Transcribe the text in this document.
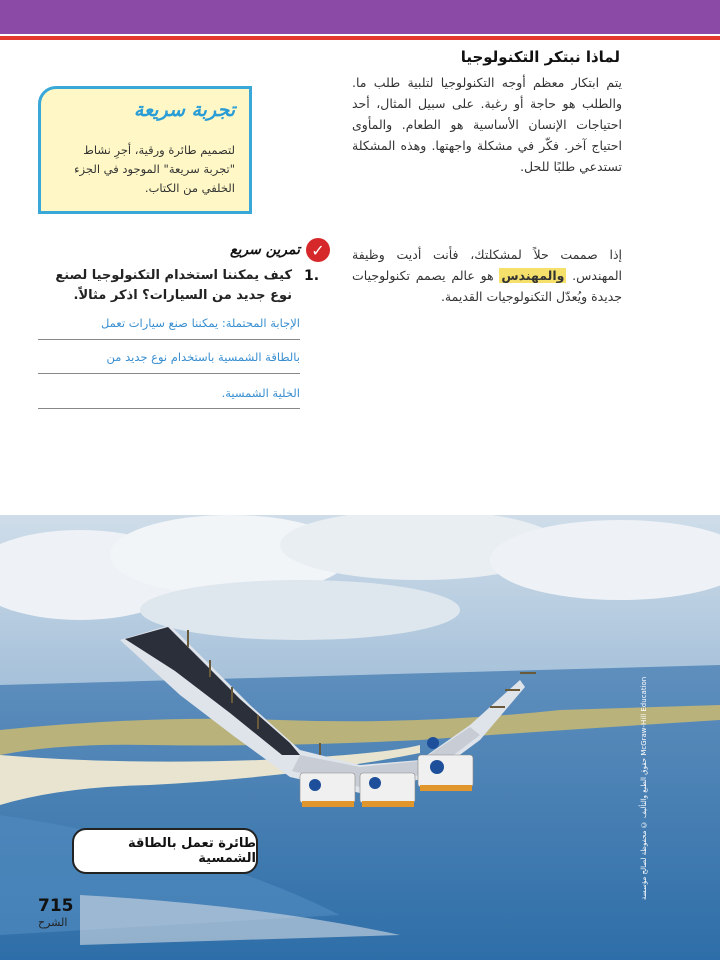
لماذا نبتكر التكنولوجيا
يتم ابتكار معظم أوجه التكنولوجيا لتلبية طلب ما. والطلب هو حاجة أو رغبة. على سبيل المثال، أحد احتياجات الإنسان الأساسية هو الطعام. والمأوى احتياج آخر. فكّر في مشكلة واجهتها. وهذه المشكلة تستدعي طلبًا للحل.
إذا صممت حلاً لمشكلتك، فأنت أديت وظيفة المهندس. والمهندس هو عالم يصمم تكنولوجيات جديدة ويُعدّل التكنولوجيات القديمة.
تجربة سريعة
لتصميم طائرة ورقية، أجرِ نشاط "تجربة سريعة" الموجود في الجزء الخلفي من الكتاب.
✓
تمرين سريع
1.
كيف يمكننا استخدام التكنولوجيا لصنع نوع جديد من السيارات؟ اذكر مثالاً.
الإجابة المحتملة: يمكننا صنع سيارات تعمل
بالطاقة الشمسية باستخدام نوع جديد من
الخلية الشمسية.
حقوق الطبع والتأليف © محفوظة لصالح مؤسسة McGraw-Hill Education
طائرة تعمل بالطاقة الشمسية
715
الشرح
